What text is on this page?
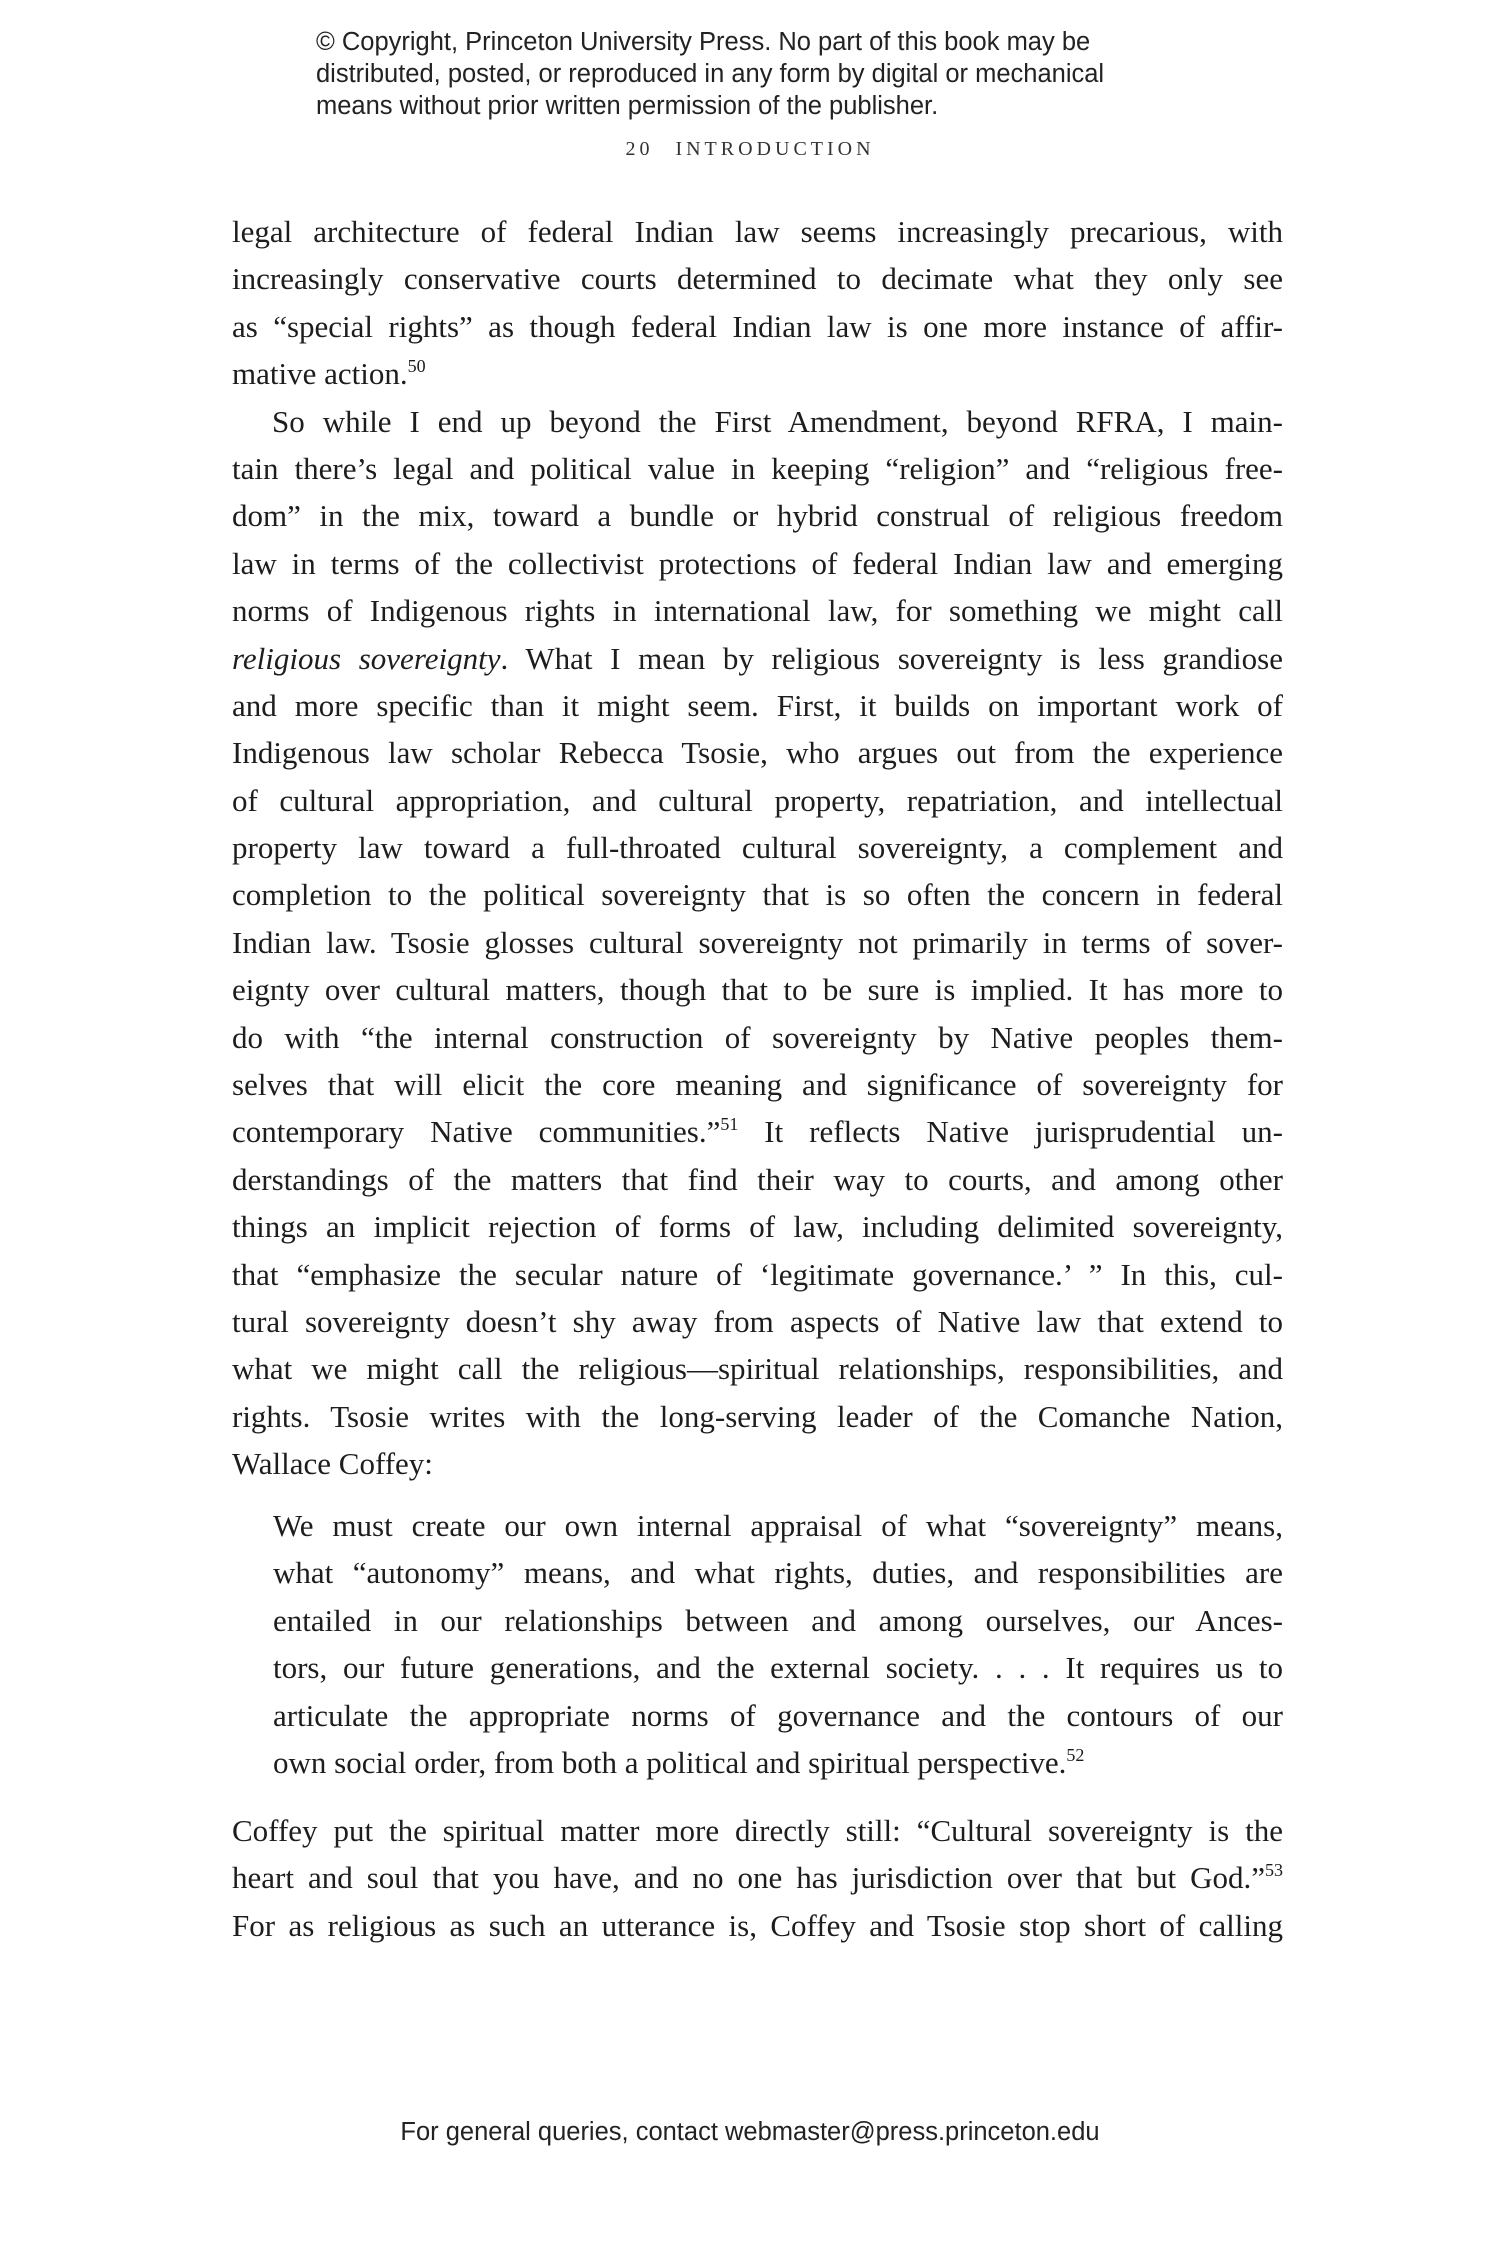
© Copyright, Princeton University Press. No part of this book may be
distributed, posted, or reproduced in any form by digital or mechanical
means without prior written permission of the publisher.
20 INTRODUCTION
legal architecture of federal Indian law seems increasingly precarious, with
increasingly conservative courts determined to decimate what they only see
as “special rights” as though federal Indian law is one more instance of affir-
mative action.$^{50}$
So while I end up beyond the First Amendment, beyond RFRA, I main-
tain there’s legal and political value in keeping “religion” and “religious free-
dom” in the mix, toward a bundle or hybrid construal of religious freedom
law in terms of the collectivist protections of federal Indian law and emerging
norms of Indigenous rights in international law, for something we might call
religious sovereignty. What I mean by religious sovereignty is less grandiose
and more specific than it might seem. First, it builds on important work of
Indigenous law scholar Rebecca Tsosie, who argues out from the experience
of cultural appropriation, and cultural property, repatriation, and intellectual
property law toward a full-throated cultural sovereignty, a complement and
completion to the political sovereignty that is so often the concern in federal
Indian law. Tsosie glosses cultural sovereignty not primarily in terms of sover-
eignty over cultural matters, though that to be sure is implied. It has more to
do with “the internal construction of sovereignty by Native peoples them-
selves that will elicit the core meaning and significance of sovereignty for
contemporary Native communities.”$^{51}$ It reflects Native jurisprudential un-
derstandings of the matters that find their way to courts, and among other
things an implicit rejection of forms of law, including delimited sovereignty,
that “emphasize the secular nature of ‘legitimate governance.’ ” In this, cul-
tural sovereignty doesn’t shy away from aspects of Native law that extend to
what we might call the religious—spiritual relationships, responsibilities, and
rights. Tsosie writes with the long-serving leader of the Comanche Nation,
Wallace Coffey:
We must create our own internal appraisal of what “sovereignty” means,
what “autonomy” means, and what rights, duties, and responsibilities are
entailed in our relationships between and among ourselves, our Ances-
tors, our future generations, and the external society. . . . It requires us to
articulate the appropriate norms of governance and the contours of our
own social order, from both a political and spiritual perspective.$^{52}$
Coffey put the spiritual matter more directly still: “Cultural sovereignty is the
heart and soul that you have, and no one has jurisdiction over that but God.”$^{53}$
For as religious as such an utterance is, Coffey and Tsosie stop short of calling
For general queries, contact webmaster@press.princeton.edu
